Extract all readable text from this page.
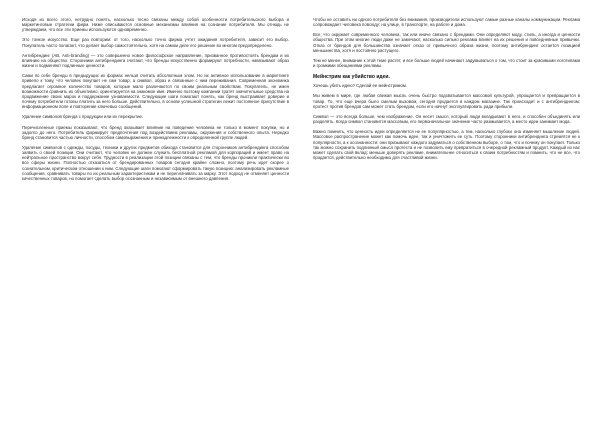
Исходя из всего этого, нетрудно понять, насколько тесно связаны между собой особенности потребительского выбора и маркетинговые стратегии фирм. Ниже описываются основные механизмы влияния на сознание потребителя. Мы отнюдь не утверждаем, что все эти приемы используются одновременно.

Это тонкое искусство. Еще раз повторим: от того, насколько точно фирма учтет ожидания потребителя, зависит его выбор. Покупатель часто полагает, что делает выбор самостоятельно, хотя на самом деле его решение во многом предопределено.

Антибрендинг (AB, Anti-branding) — это совершенно новое философское направление, призванное противостоять брендам и их влиянию на общество. Сторонники антибрендинга считают, что бренды искусственно формируют потребности, навязывают образ жизни и подменяют подлинные ценности.

Сами по себе бренды в предыдущих их формах нельзя считать абсолютным злом. Но их активное использование в маркетинге привело к тому, что человек покупает не сам товар, а символ, образ и связанные с ним переживания. Современная экономика предлагает огромное количество товаров, которые мало различаются по своим реальным свойствам. Покупатель, не имея возможности сравнить их объективно, ориентируется на знакомое имя. Именно поэтому компании тратят значительные средства на продвижение своих марок и поддержание узнаваемости. Следующие шаги помогают понять, как бренд выстраивает доверие и почему потребители готовы платить за него больше. Действительно, в основе успешной стратегии лежит постоянное присутствие в информационном поле и повторение ключевых сообщений.

Удаление символов брендa с продукции или их перекрытие.

Перечисленные приемы показывают, что бренд оказывает влияние на поведение человека не только в момент покупки, но и задолго до него. Потребитель формирует предпочтения под воздействием рекламы, окружения и собственного опыта. Нередко бренд становится частью личности, способом самовыражения и принадлежности к определенной группе людей.

Удаление символов с одежды, посуды, техники и других предметов обихода становится для сторонников антибрендинга способом заявить о своей позиции. Они считают, что человек не должен служить бесплатной рекламой для корпораций и имеет право на нейтральное пространство вокруг себя. Трудности в реализации этой позиции связаны с тем, что бренды проникли практически во все сферы жизни. Полностью отказаться от брендированных товаров сегодня крайне сложно, поэтому речь идет скорее о сознательном, критическом отношении к ним. Следующие шаги помогают сформировать такую позицию: анализировать рекламные сообщения, сравнивать товары по их реальным характеристикам и не переплачивать за марку. Этот подход не отменяет ценности качественных товаров, но помогает сделать выбор осознанным и независимым от внешнего давления.

Чтобы не оставить ни одного потребителя без внимания, производители используют самые разные каналы коммуникации. Реклама сопровождает человека повсюду: на улице, в транспорте, на работе и дома.

Все, что окружает современного человека, так или иначе связано с брендами. Они определяют моду, стиль, а иногда и ценности общества. При этом многие люди даже не замечают, насколько сильно реклама влияет на их решения и повседневные привычки. Отказ от брендов для большинства означает отказ от привычного образа жизни, поэтому антибрендинг остается позицией меньшинства, хотя и постоянно растущего.

Тем не менее, внимание к этой теме растет, и все больше людей начинают задумываться о том, что стоит за красивыми логотипами и громкими обещаниями рекламы.

Мейнстрим как убийство идеи.

Хочешь убить идею? Сделай ее мейнстримом.

Мы живем в мире, где любая свежая мысль очень быстро подхватывается массовой культурой, упрощается и превращается в товар. То, что еще вчера было смелым вызовом, сегодня продается в каждом магазине. Так происходит и с антибрендингом: протест против брендов сам может стать брендом, если его начнут эксплуатировать ради прибыли.

Символ — это всегда больше, чем изображение. Он несет смысл, который люди вкладывают в него, и способен объединять или разделять. Когда символ становится массовым, его первоначальное значение часто размывается, а место идеи занимает мода.

Важно помнить, что ценность идеи определяется не ее популярностью, а тем, насколько глубоко она изменяет мышление людей. Массовое распространение может как помочь идее, так и уничтожить ее суть. Поэтому сторонники антибрендинга стремятся не к популярности, а к осознанности: они призывают каждого задуматься о собственном выборе, о том, что и почему он покупает. Только так можно сохранить подлинный смысл протеста и не позволить ему превратиться в очередной рекламный продукт. Каждый из нас может сделать свой вклад: меньше доверять рекламе, внимательнее относиться к своим потребностям и помнить, что не все, что продается, действительно необходимо для счастливой жизни.
